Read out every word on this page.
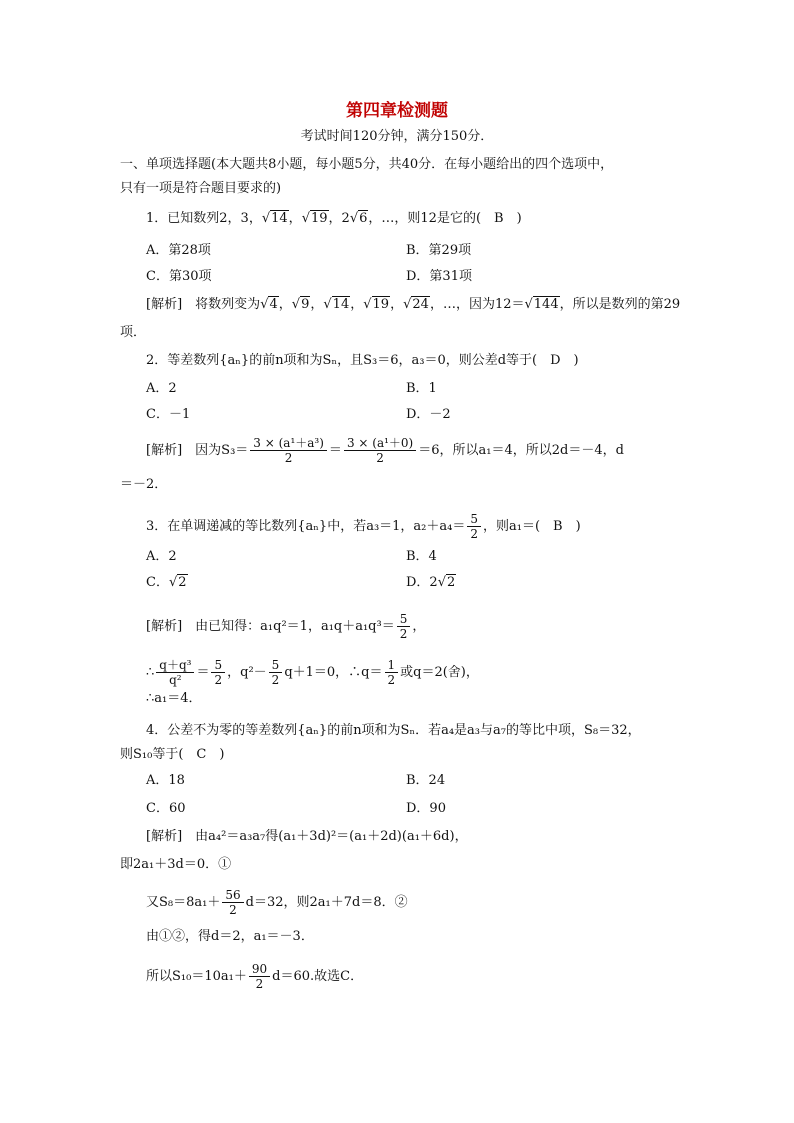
第四章检测题
考试时间120分钟，满分150分．
一、单项选择题(本大题共8小题，每小题5分，共40分．在每小题给出的四个选项中，
只有一项是符合题目要求的)
1．已知数列2，3，√14，√19，2√6，…，则12是它的(　B　)
A．第28项	B．第29项
C．第30项	D．第31项
[解析]　 将数列变为√4，√9，√14，√19，√24，…，因为12＝√144，所以是数列的第29
项．
2．等差数列{aₙ}的前n项和为Sₙ，且S₃＝6，a₃＝0，则公差d等于(　D　)
A．2	B．1
C．－1	D．－2
[解析]　 因为$S_3= \frac{\text{3 × (a¹＋a³)}}{2} = \frac{\text{3 × (a¹＋0)}}{2} =6$，所以a₁＝4，所以2d＝－4，d
＝－2．
3．在单调递减的等比数列{aₙ}中，若a₃＝1，$a_2+a_4= \frac{5}{2}$ ，则a₁＝(　B　)
A．2	B．4
C．√2	D．2√2
[解析]　 由已知得：a₁q²＝1，$a_1q+a_1q^3= \frac{5}{2}$ ，
∴ $\frac{\text{q＋q³}}{\text{q²}} = \frac{5}{2}$ ，$q^2- \frac{5}{2} q+1=0$，∴q＝ $\frac{1}{2}$ 或q＝2(舍)，
∴a₁＝4．
4．公差不为零的等差数列{aₙ}的前n项和为Sₙ．若a₄是a₃与a₇的等比中项，S₈＝32，
则S₁₀等于(　C　)
A．18	B．24
C．60	D．90
[解析]　 由a₄²＝a₃a₇得(a₁＋3d)²＝(a₁＋2d)(a₁＋6d)，
即2a₁＋3d＝0．①
又$S_8=8a_1+ \frac{56}{2} d=32$，则2a₁＋7d＝8．②
由①②，得d＝2，a₁＝－3．
所以$S_{10}=10a_1+ \frac{90}{2} d=60$.故选C．
